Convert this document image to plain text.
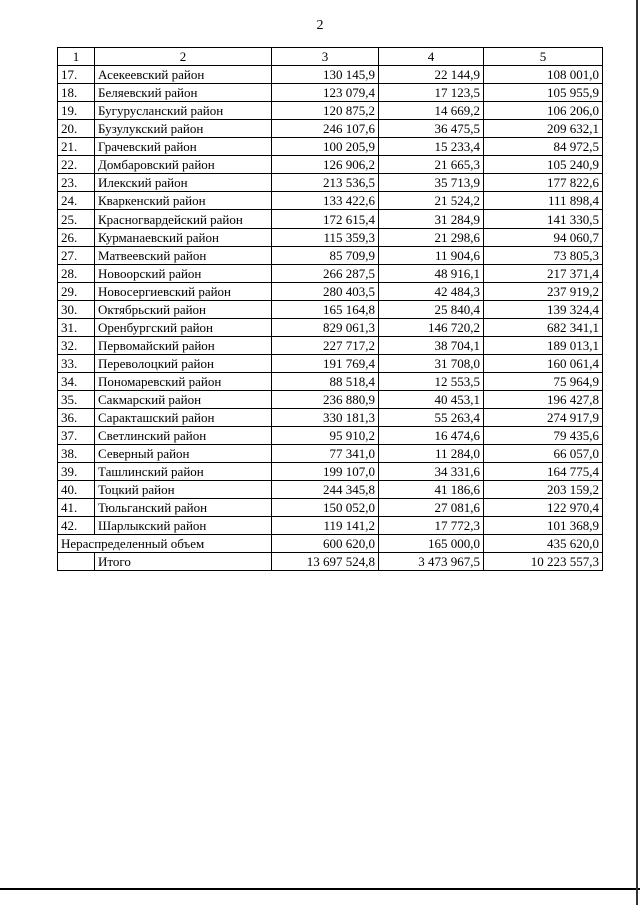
2
1	2	3	4	5
17.	Асекеевский район	130 145,9	22 144,9	108 001,0
18.	Беляевский район	123 079,4	17 123,5	105 955,9
19.	Бугурусланский район	120 875,2	14 669,2	106 206,0
20.	Бузулукский район	246 107,6	36 475,5	209 632,1
21.	Грачевский район	100 205,9	15 233,4	84 972,5
22.	Домбаровский район	126 906,2	21 665,3	105 240,9
23.	Илекский район	213 536,5	35 713,9	177 822,6
24.	Кваркенский район	133 422,6	21 524,2	111 898,4
25.	Красногвардейский район	172 615,4	31 284,9	141 330,5
26.	Курманаевский район	115 359,3	21 298,6	94 060,7
27.	Матвеевский район	85 709,9	11 904,6	73 805,3
28.	Новоорский район	266 287,5	48 916,1	217 371,4
29.	Новосергиевский район	280 403,5	42 484,3	237 919,2
30.	Октябрьский район	165 164,8	25 840,4	139 324,4
31.	Оренбургский район	829 061,3	146 720,2	682 341,1
32.	Первомайский район	227 717,2	38 704,1	189 013,1
33.	Переволоцкий район	191 769,4	31 708,0	160 061,4
34.	Пономаревский район	88 518,4	12 553,5	75 964,9
35.	Сакмарский район	236 880,9	40 453,1	196 427,8
36.	Саракташский район	330 181,3	55 263,4	274 917,9
37.	Светлинский район	95 910,2	16 474,6	79 435,6
38.	Северный район	77 341,0	11 284,0	66 057,0
39.	Ташлинский район	199 107,0	34 331,6	164 775,4
40.	Тоцкий район	244 345,8	41 186,6	203 159,2
41.	Тюльганский район	150 052,0	27 081,6	122 970,4
42.	Шарлыкский район	119 141,2	17 772,3	101 368,9
Нераспределенный объем		600 620,0	165 000,0	435 620,0
	Итого	13 697 524,8	3 473 967,5	10 223 557,3
